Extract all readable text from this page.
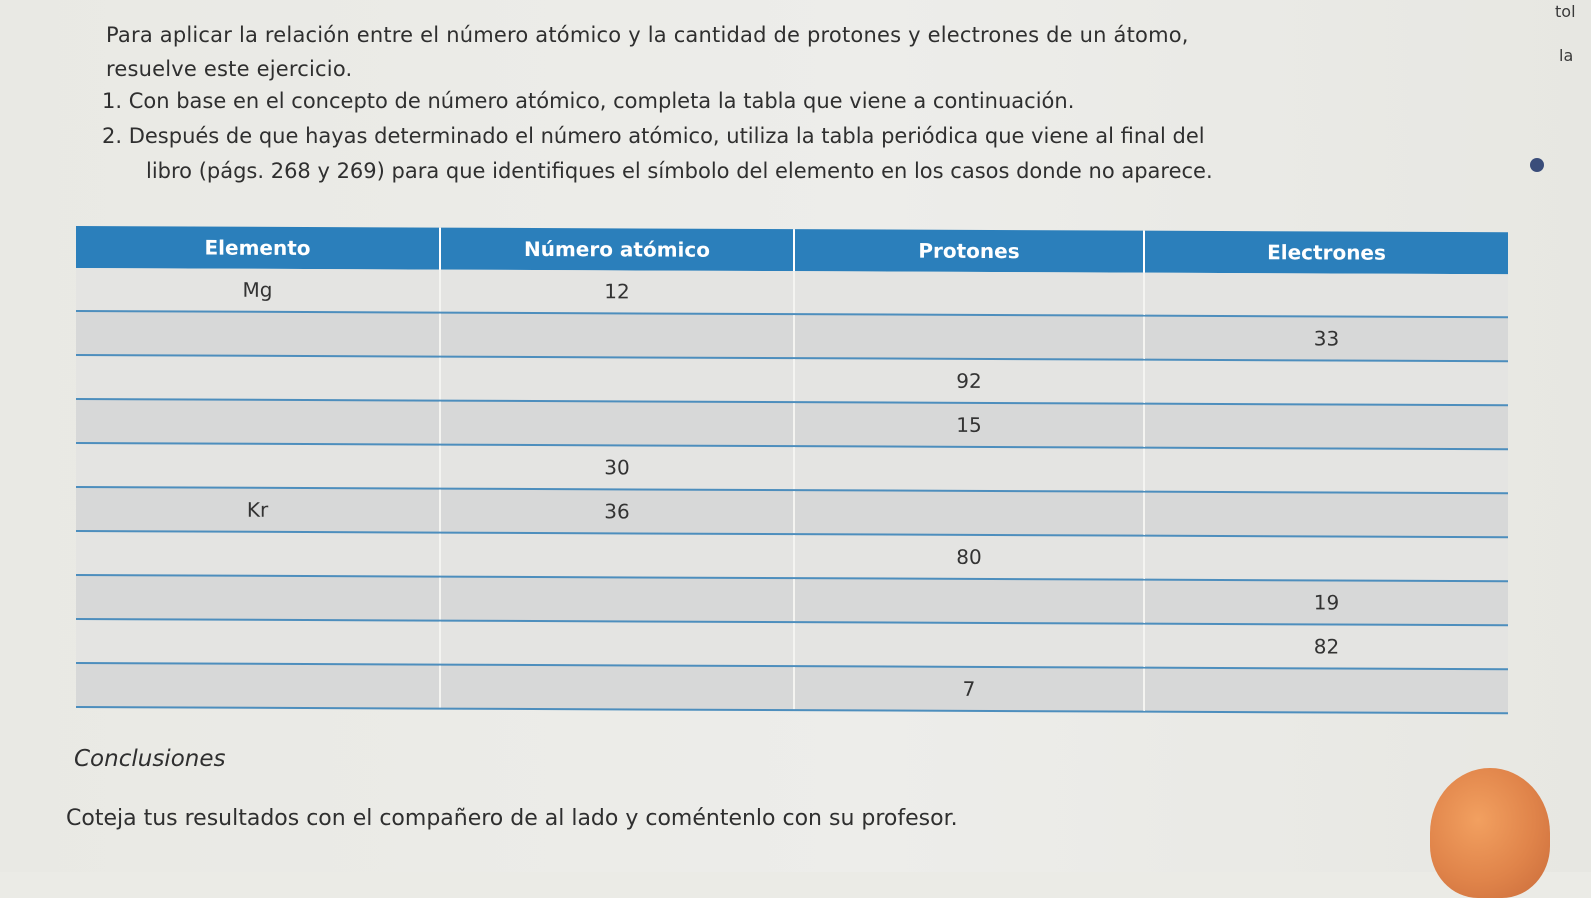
tol
la

Para aplicar la relación entre el número atómico y la cantidad de protones y electrones de un átomo,

resuelve este ejercicio.

1. Con base en el concepto de número atómico, completa la tabla que viene a continuación.

2. Después de que hayas determinado el número atómico, utiliza la tabla periódica que viene al final del

libro (págs. 268 y 269) para que identifiques el símbolo del elemento en los casos donde no aparece.

Elemento	Número atómico	Protones	Electrones
Mg	12		
			33
		92	
		15	
	30		
Kr	36		
		80	
			19
			82
		7	
Conclusiones
Coteja tus resultados con el compañero de al lado y coméntenlo con su profesor.
